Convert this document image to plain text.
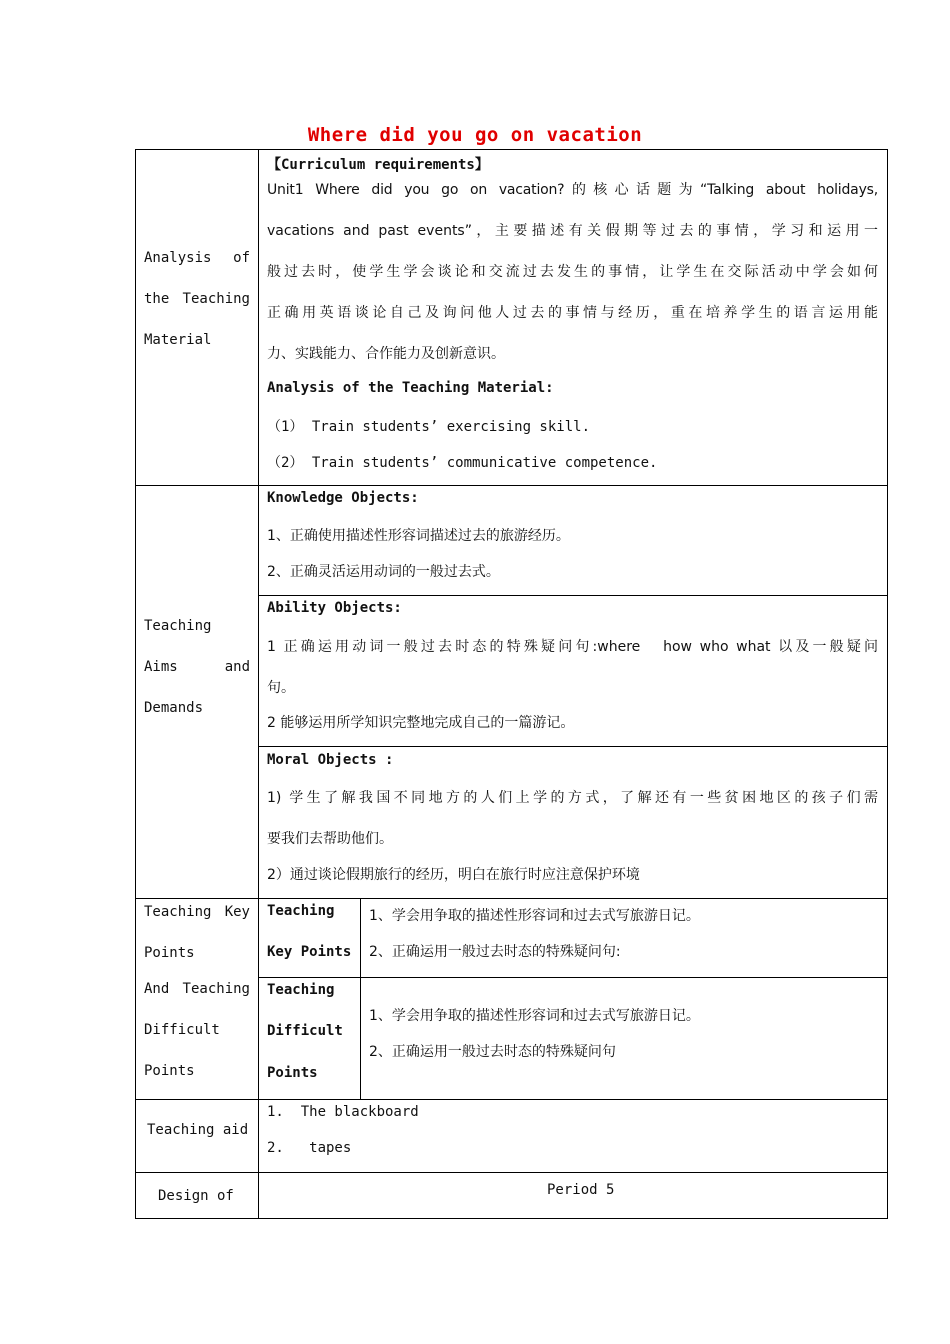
Where did you go on vacation
Analysis of
the Teaching
Material
【Curriculum requirements】
Unit1 Where did you go on vacation?的核心话题为“Talking about holidays,
vacations and past events”，主要描述有关假期等过去的事情，学习和运用一
般过去时，使学生学会谈论和交流过去发生的事情，让学生在交际活动中学会如何
正确用英语谈论自己及询问他人过去的事情与经历，重在培养学生的语言运用能
力、实践能力、合作能力及创新意识。
Analysis of the Teaching Material:
（1） Train students’ exercising skill.
（2） Train students’ communicative competence.
Teaching
Aims and
Demands
Knowledge Objects:
1、正确使用描述性形容词描述过去的旅游经历。
2、正确灵活运用动词的一般过去式。
Ability Objects:
1 正确运用动词一般过去时态的特殊疑问句:where   how who what 以及一般疑问
句。
2 能够运用所学知识完整地完成自己的一篇游记。
Moral Objects :
1) 学生了解我国不同地方的人们上学的方式，了解还有一些贫困地区的孩子们需
要我们去帮助他们。
2）通过谈论假期旅行的经历，明白在旅行时应注意保护环境
Teaching Key
Points
And Teaching
Difficult
Points
Teaching
Key Points
1、学会用争取的描述性形容词和过去式写旅游日记。
2、正确运用一般过去时态的特殊疑问句:
Teaching
Difficult
Points
1、学会用争取的描述性形容词和过去式写旅游日记。
2、正确运用一般过去时态的特殊疑问句
Teaching aid
1.  The blackboard
2.   tapes
Design of	Period 5
